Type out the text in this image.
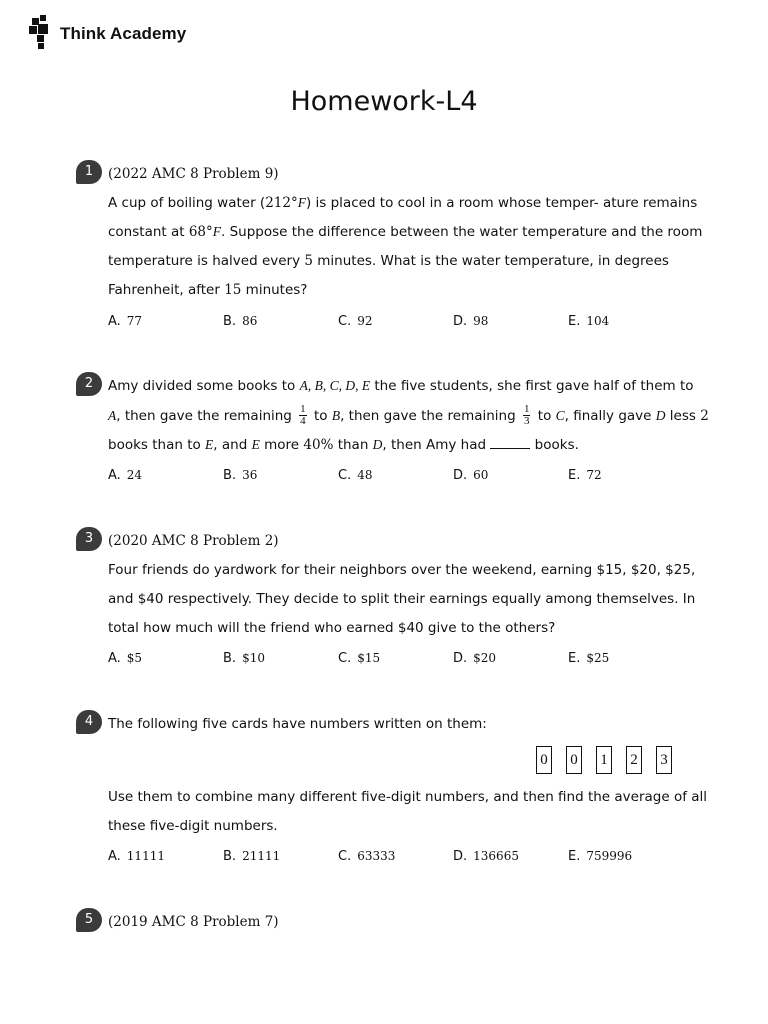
Think Academy
Homework-L4
1	(2022 AMC 8 Problem 9)
A cup of boiling water (212°F) is placed to cool in a room whose temper- ature remains
constant at 68°F. Suppose the difference between the water temperature and the room
temperature is halved every 5 minutes. What is the water temperature, in degrees
Fahrenheit, after 15 minutes?
A. 77	B. 86	C. 92	D. 98	E. 104
2	Amy divided some books to A, B, C, D, E the five students, she first gave half of them to
A, then gave the remaining $\frac{1}{4}$ to B, then gave the remaining $\frac{1}{3}$ to C, finally gave D less 2
books than to E, and E more 40% than D, then Amy had	books.
A. 24	B. 36	C. 48	D. 60	E. 72
3	(2020 AMC 8 Problem 2)
Four friends do yardwork for their neighbors over the weekend, earning $15, $20, $25,
and $40 respectively. They decide to split their earnings equally among themselves. In
total how much will the friend who earned $40 give to the others?
A. $5	B. $10	C. $15	D. $20	E. $25
4	The following five cards have numbers written on them:
0 0 1 2 3
Use them to combine many different five-digit numbers, and then find the average of all
these five-digit numbers.
A. 11111	B. 21111	C. 63333	D. 136665	E. 759996
5	(2019 AMC 8 Problem 7)
